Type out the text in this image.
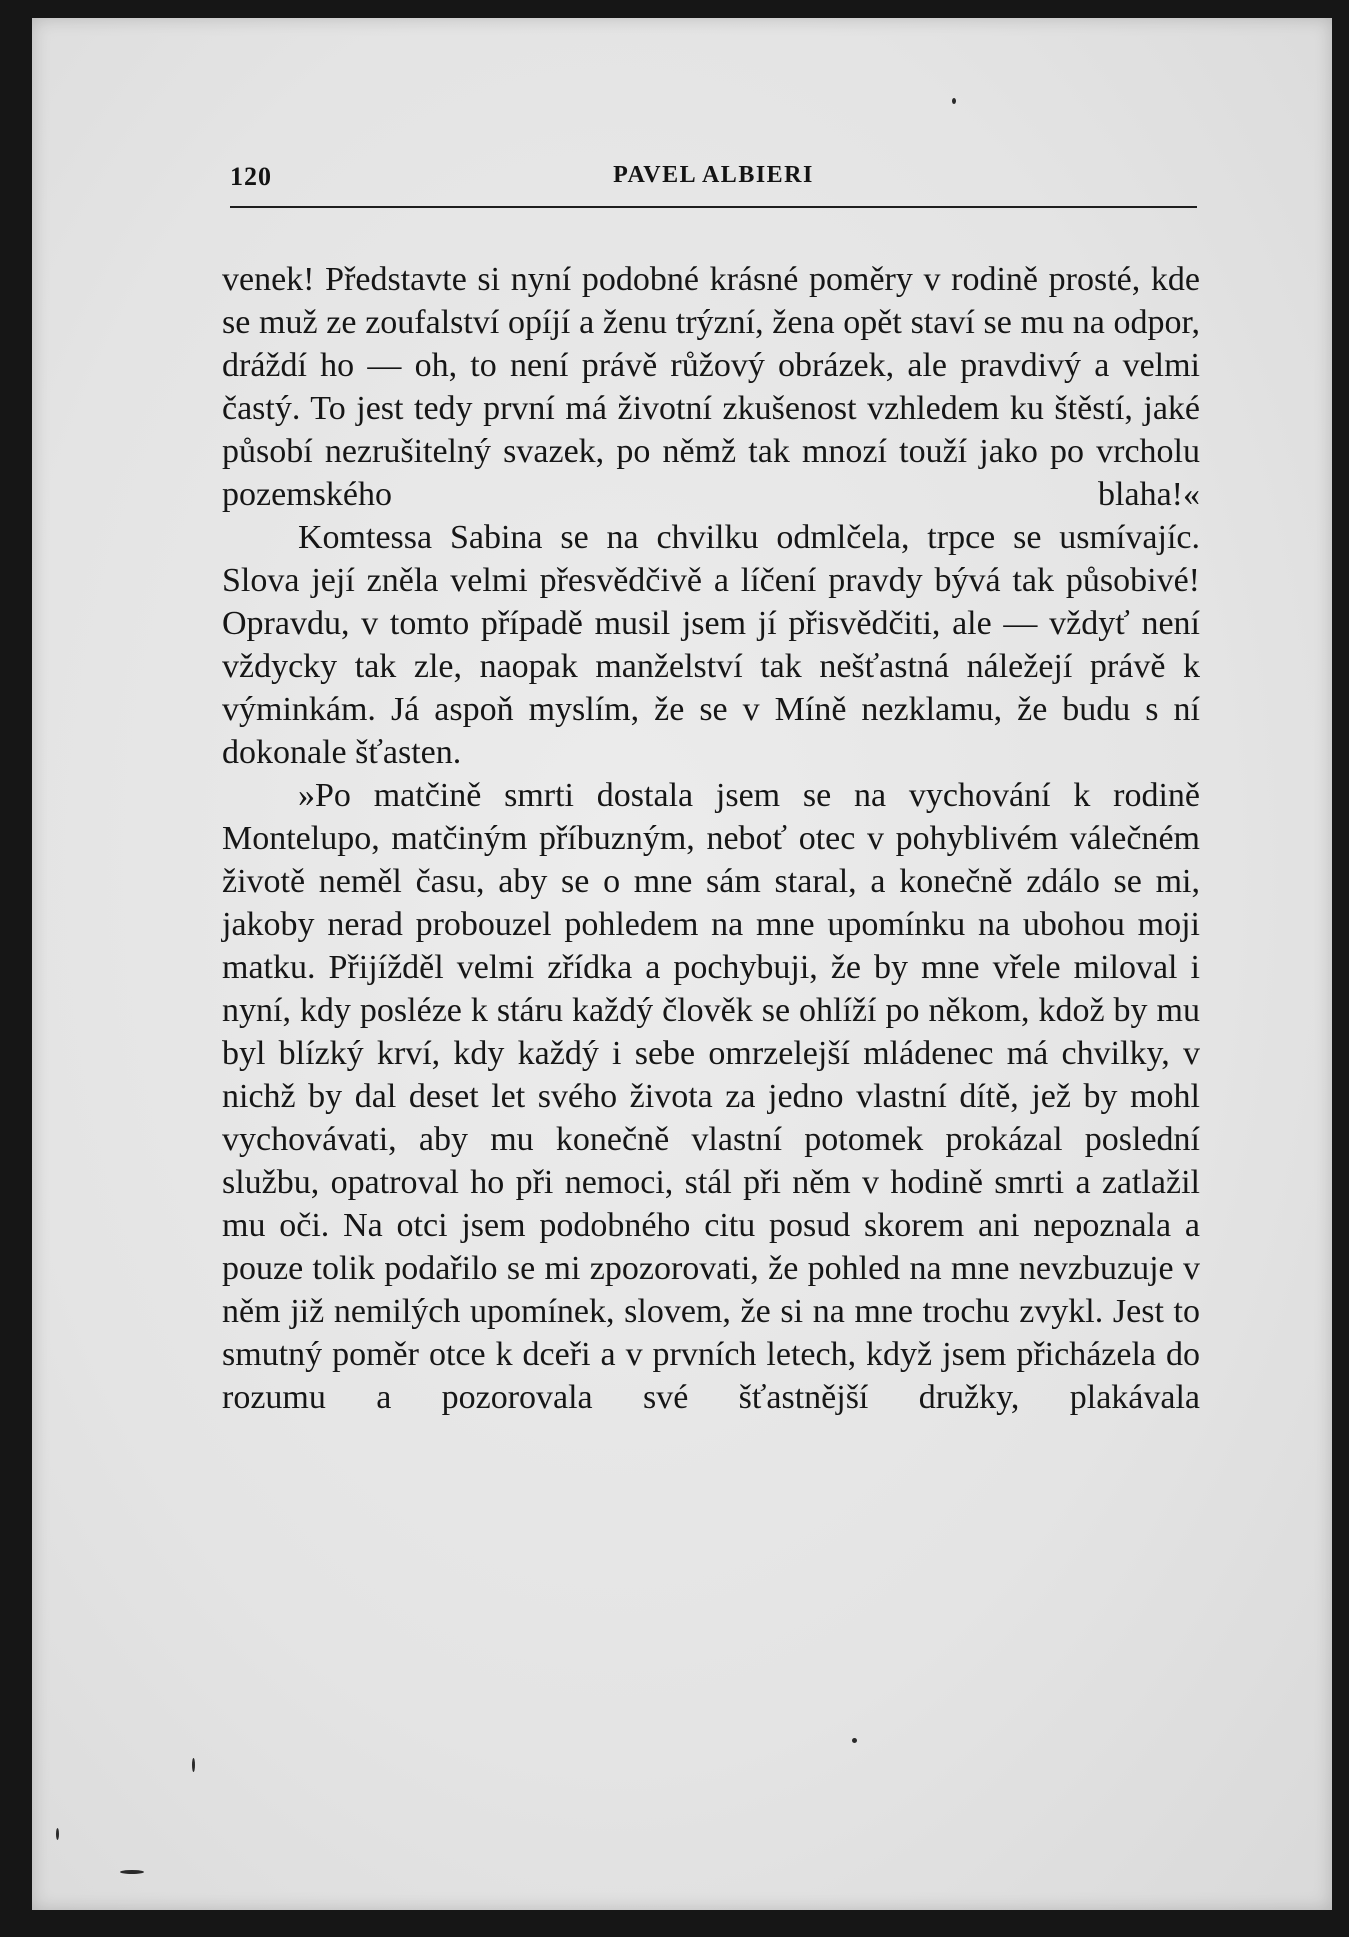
120	PAVEL ALBIERI

venek! Představte si nyní podobné krásné poměry v rodině prosté, kde se muž ze zoufalství opíjí a ženu trýzní, žena opět staví se mu na odpor, dráždí ho — oh, to není právě růžový obrázek, ale pravdivý a velmi častý. To jest tedy první má životní zkušenost vzhledem ku štěstí, jaké působí nezrušitelný svazek, po němž tak mnozí touží jako po vrcholu pozemského blaha!«

Komtessa Sabina se na chvilku odmlčela, trpce se usmívajíc. Slova její zněla velmi přesvědčivě a líčení pravdy bývá tak působivé! Opravdu, v tomto případě musil jsem jí přisvědčiti, ale — vždyť není vždycky tak zle, naopak manželství tak nešťastná náležejí právě k výminkám. Já aspoň myslím, že se v Míně nezklamu, že budu s ní dokonale šťasten.

»Po matčině smrti dostala jsem se na vychování k rodině Montelupo, matčiným příbuzným, neboť otec v pohyblivém válečném životě neměl času, aby se o mne sám staral, a konečně zdálo se mi, jakoby nerad probouzel pohledem na mne upomínku na ubohou moji matku. Přijížděl velmi zřídka a pochybuji, že by mne vřele miloval i nyní, kdy posléze k stáru každý člověk se ohlíží po někom, kdož by mu byl blízký krví, kdy každý i sebe omrzelejší mládenec má chvilky, v nichž by dal deset let svého života za jedno vlastní dítě, jež by mohl vychovávati, aby mu konečně vlastní potomek prokázal poslední službu, opatroval ho při nemoci, stál při něm v hodině smrti a zatlažil mu oči. Na otci jsem podobného citu posud skorem ani nepoznala a pouze tolik podařilo se mi zpozorovati, že pohled na mne nevzbuzuje v něm již nemilých upomínek, slovem, že si na mne trochu zvykl. Jest to smutný poměr otce k dceři a v prvních letech, když jsem přicházela do rozumu a pozorovala své šťastnější družky, plakávala
